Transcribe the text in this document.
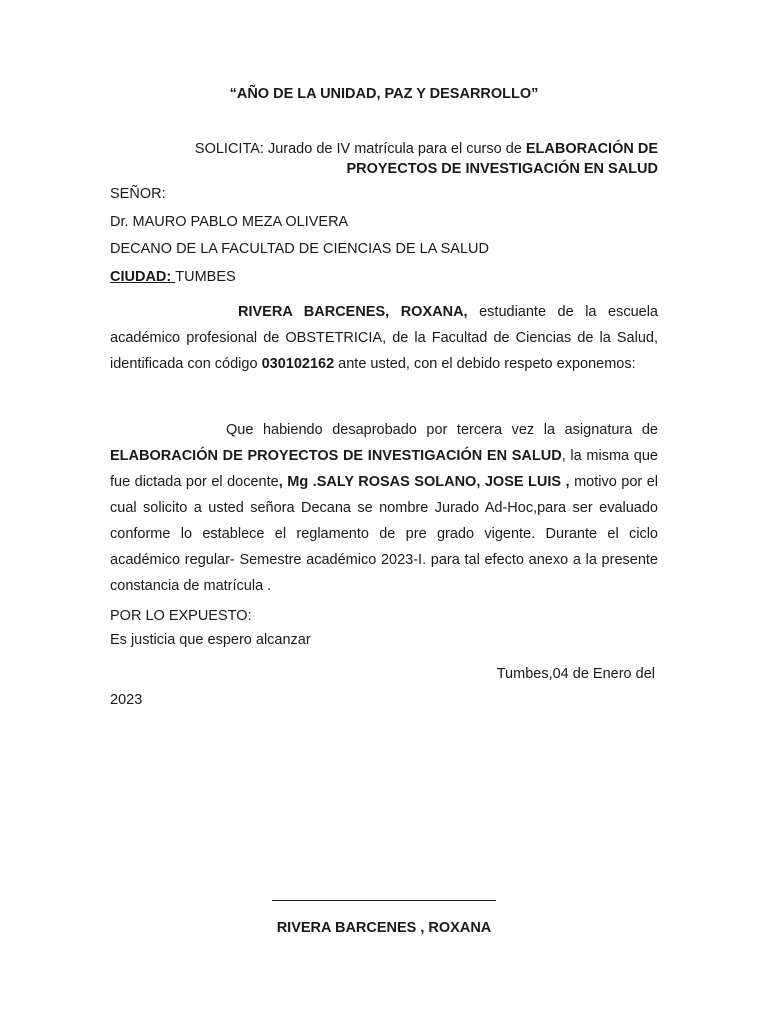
“AÑO DE LA UNIDAD, PAZ Y DESARROLLO”
SOLICITA: Jurado de IV matrícula para el curso de ELABORACIÓN DE
PROYECTOS DE INVESTIGACIÓN EN SALUD
SEÑOR:
Dr. MAURO PABLO MEZA OLIVERA
DECANO DE LA FACULTAD DE CIENCIAS DE LA SALUD
CIUDAD: TUMBES
RIVERA BARCENES, ROXANA, estudiante de la escuela académico profesional de OBSTETRICIA, de la Facultad de Ciencias de la Salud, identificada con código 030102162 ante usted, con el debido respeto exponemos:
Que habiendo desaprobado por tercera vez la asignatura de ELABORACIÓN DE PROYECTOS DE INVESTIGACIÓN EN SALUD, la misma que fue dictada por el docente, Mg .SALY ROSAS SOLANO, JOSE LUIS , motivo por el cual solicito a usted señora Decana se nombre Jurado Ad-Hoc,para ser evaluado conforme lo establece el reglamento de pre grado vigente. Durante el ciclo académico regular- Semestre académico 2023-I. para tal efecto anexo a la presente constancia de matrícula .
POR LO EXPUESTO:
Es justicia que espero alcanzar
Tumbes,04 de Enero del
2023
RIVERA BARCENES , ROXANA
